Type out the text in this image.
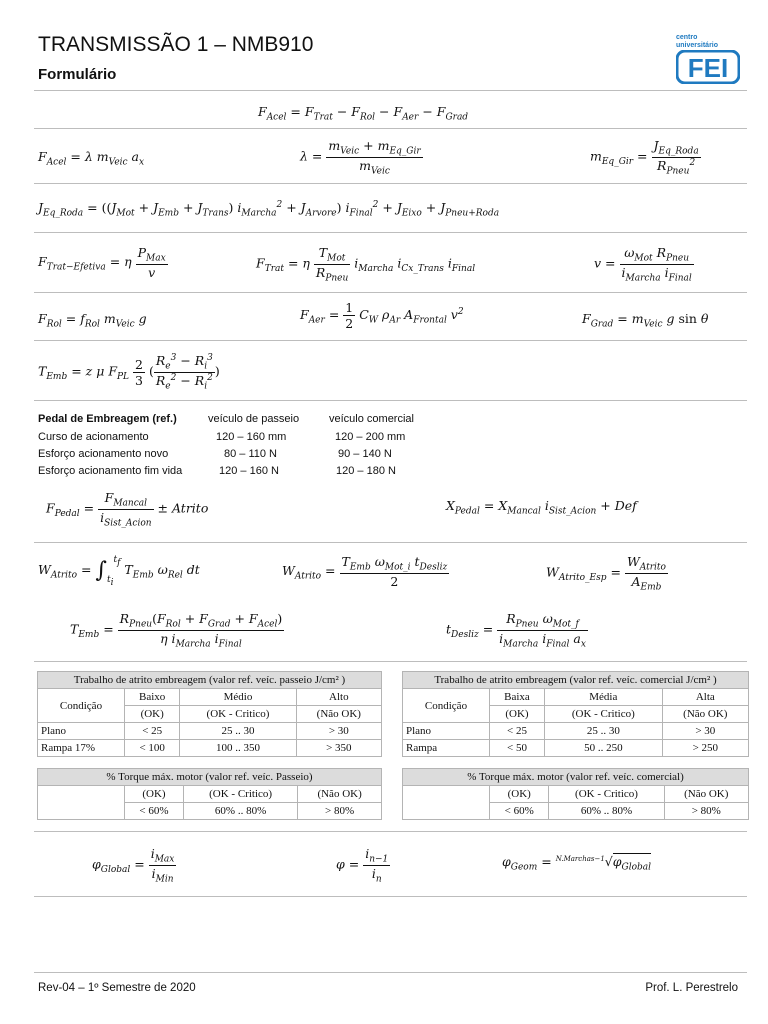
TRANSMISSÃO 1 – NMB910
Formulário
centro
universitário
FEI
$F_{Acel} = F_{Trat} - F_{Rol} - F_{Aer} - F_{Grad}$
$F_{Acel} = \lambda$ $m_{Veic}$ $a_x$	$\lambda = \frac{m_{Veic} + m_{Eq\_Gir}}{m_{Veic}}$	$m_{Eq\_Gir} = \frac{J_{Eq\_Roda}}{R_{Pneu}^2}$
$J_{Eq\_Roda} = ((J_{Mot} + J_{Emb} + J_{Trans}) i_{Marcha}^2 + J_{Arvore}) i_{Final}^2 + J_{Eixo} + J_{Pneu+Roda}$
$F_{Trat-Efetiva} = \eta \frac{P_{Max}}{v}$	$F_{Trat} = \eta \frac{T_{Mot}}{R_{Pneu}} i_{Marcha}$ $i_{Cx\_Trans}$ $i_{Final}$	$v = \frac{\omega_{Mot} R_{Pneu}}{i_{Marcha} i_{Final}}$
$F_{Rol} = f_{Rol}$ $m_{Veic}$ g	$F_{Aer} = \frac{1}{2} C_W$ $\rho_{Ar}$ $A_{Frontal}$ $v^2$	$F_{Grad} = m_{Veic}$ g sin θ
$T_{Emb} = z$ μ $F_{PL} \frac{2}{3}$ ( $\frac{R_e^3 - R_i^3}{R_e^2 - R_i^2}$ )
Pedal de Embreagem (ref.)	veículo de passeio	veículo comercial
Curso de acionamento	120 – 160 mm	120 – 200 mm
Esforço acionamento novo	80 – 110 N	90 – 140 N
Esforço acionamento fim vida	120 – 160 N	120 – 180 N
$F_{Pedal} = \frac{F_{Mancal}}{i_{Sist\_Acion}}$ ± Atrito	$X_{Pedal} = X_{Mancal}$ $i_{Sist\_Acion}$ + Def
$W_{Atrito} = \int_{t_i}^{t_f}$ $T_{Emb}$ $\omega_{Rel}$ dt	$W_{Atrito} = \frac{T_{Emb} \omega_{Mot\_i} t_{Desliz}}{2}$	$W_{Atrito\_Esp} = \frac{W_{Atrito}}{A_{Emb}}$
$T_{Emb} = \frac{R_{Pneu}(F_{Rol} + F_{Grad} + F_{Acel})}{\eta i_{Marcha} i_{Final}}$	$t_{Desliz} = \frac{R_{Pneu} \omega_{Mot\_f}}{i_{Marcha} i_{Final} a_x}$
Trabalho de atrito embreagem (valor ref. veíc. passeio J/cm² )			
Condição	Baixo	Médio	Alto
	(OK)	(OK - Critico)	(Não OK)
Plano	< 25	25 .. 30	> 30
Rampa 17%	< 100	100 .. 350	> 350
Trabalho de atrito embreagem (valor ref. veíc. comercial J/cm² )			
Condição	Baixa	Média	Alta
	(OK)	(OK - Critico)	(Não OK)
Plano	< 25	25 .. 30	> 30
Rampa	< 50	50 .. 250	> 250
% Torque máx. motor (valor ref. veíc. Passeio)			
	(OK)	(OK - Critico)	(Não OK)
	< 60%	60% .. 80%	> 80%
% Torque máx. motor (valor ref. veíc. comercial)			
	(OK)	(OK - Critico)	(Não OK)
	< 60%	60% .. 80%	> 80%
$\varphi_{Global} = \frac{i_{Max}}{i_{Min}}$	$\varphi = \frac{i_{n-1}}{i_n}$	$\varphi_{Geom} = ^{N.Marchas-1}√\varphi_{Global}$
Rev-04 – 1º Semestre de 2020	Prof. L. Perestrelo
